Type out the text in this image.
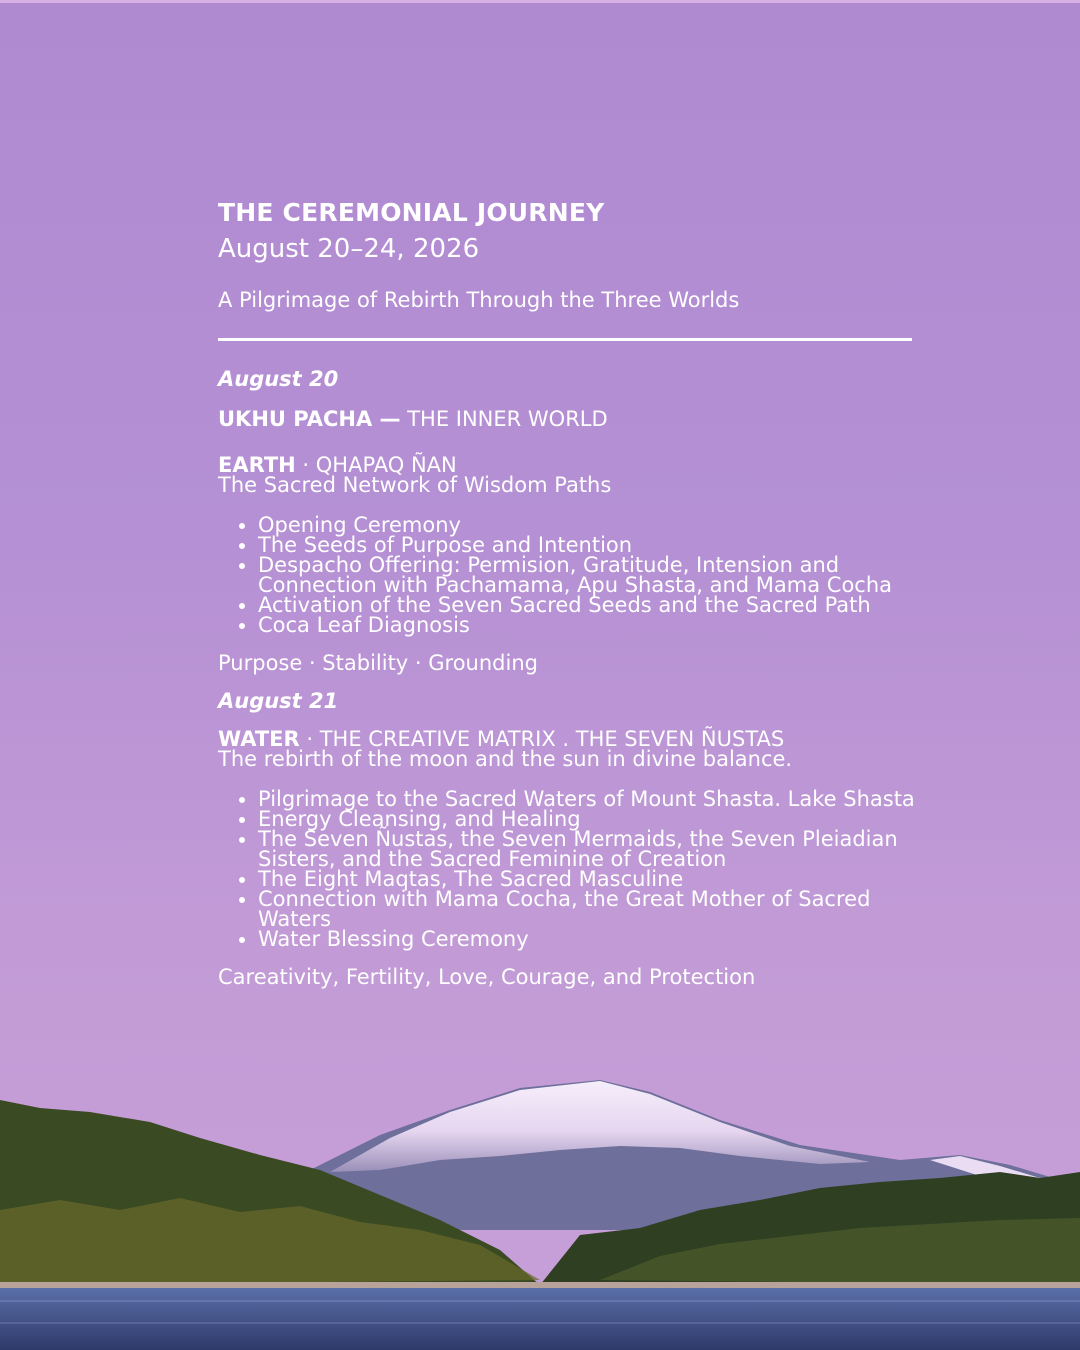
THE CEREMONIAL JOURNEY
August 20–24, 2026
A Pilgrimage of Rebirth Through the Three Worlds
August 20
UKHU PACHA — THE INNER WORLD
EARTH · QHAPAQ ÑAN
The Sacred Network of Wisdom Paths
• Opening Ceremony
• The Seeds of Purpose and Intention
• Despacho Offering: Permision, Gratitude, Intension and Connection with Pachamama, Apu Shasta, and Mama Cocha
• Activation of the Seven Sacred Seeds and the Sacred Path
• Coca Leaf Diagnosis
Purpose · Stability · Grounding
August 21
WATER · THE CREATIVE MATRIX . THE SEVEN ÑUSTAS
The rebirth of the moon and the sun in divine balance.
• Pilgrimage to the Sacred Waters of Mount Shasta. Lake Shasta
• Energy Cleansing, and Healing
• The Seven Ñustas, the Seven Mermaids, the Seven Pleiadian Sisters, and the Sacred Feminine of Creation
• The Eight Maqtas, The Sacred Masculine
• Connection with Mama Cocha, the Great Mother of Sacred Waters
• Water Blessing Ceremony
Careativity, Fertility, Love, Courage, and Protection
